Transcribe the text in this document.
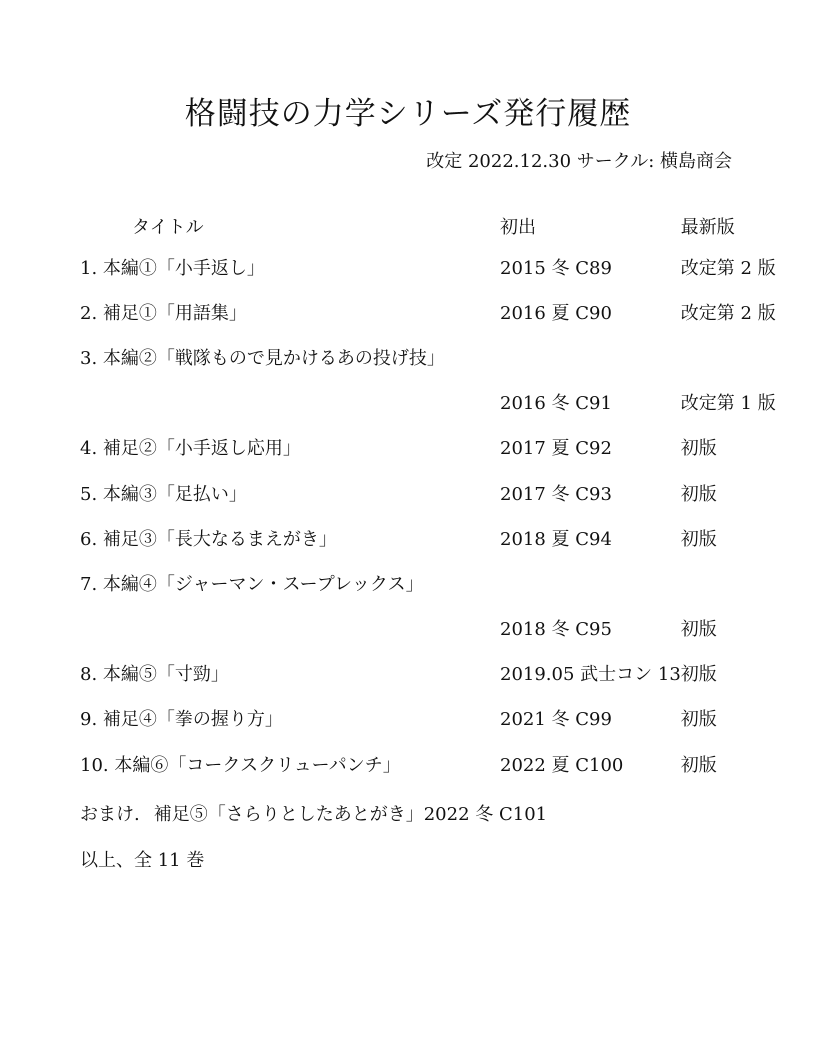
格闘技の力学シリーズ発行履歴
改定 2022.12.30 サークル: 横島商会
タイトル	初出	最新版
1. 本編①「小手返し」	2015 冬 C89	改定第 2 版
2. 補足①「用語集」	2016 夏 C90	改定第 2 版
3. 本編②「戦隊もので見かけるあの投げ技」		
	2016 冬 C91	改定第 1 版
4. 補足②「小手返し応用」	2017 夏 C92	初版
5. 本編③「足払い」	2017 冬 C93	初版
6. 補足③「長大なるまえがき」	2018 夏 C94	初版
7. 本編④「ジャーマン・スープレックス」		
	2018 冬 C95	初版
8. 本編⑤「寸勁」	2019.05 武士コン 13	初版
9. 補足④「拳の握り方」	2021 冬 C99	初版
10. 本編⑥「コークスクリューパンチ」	2022 夏 C100	初版
おまけ. 補足⑤「さらりとしたあとがき」2022 冬 C101
以上、全 11 巻
